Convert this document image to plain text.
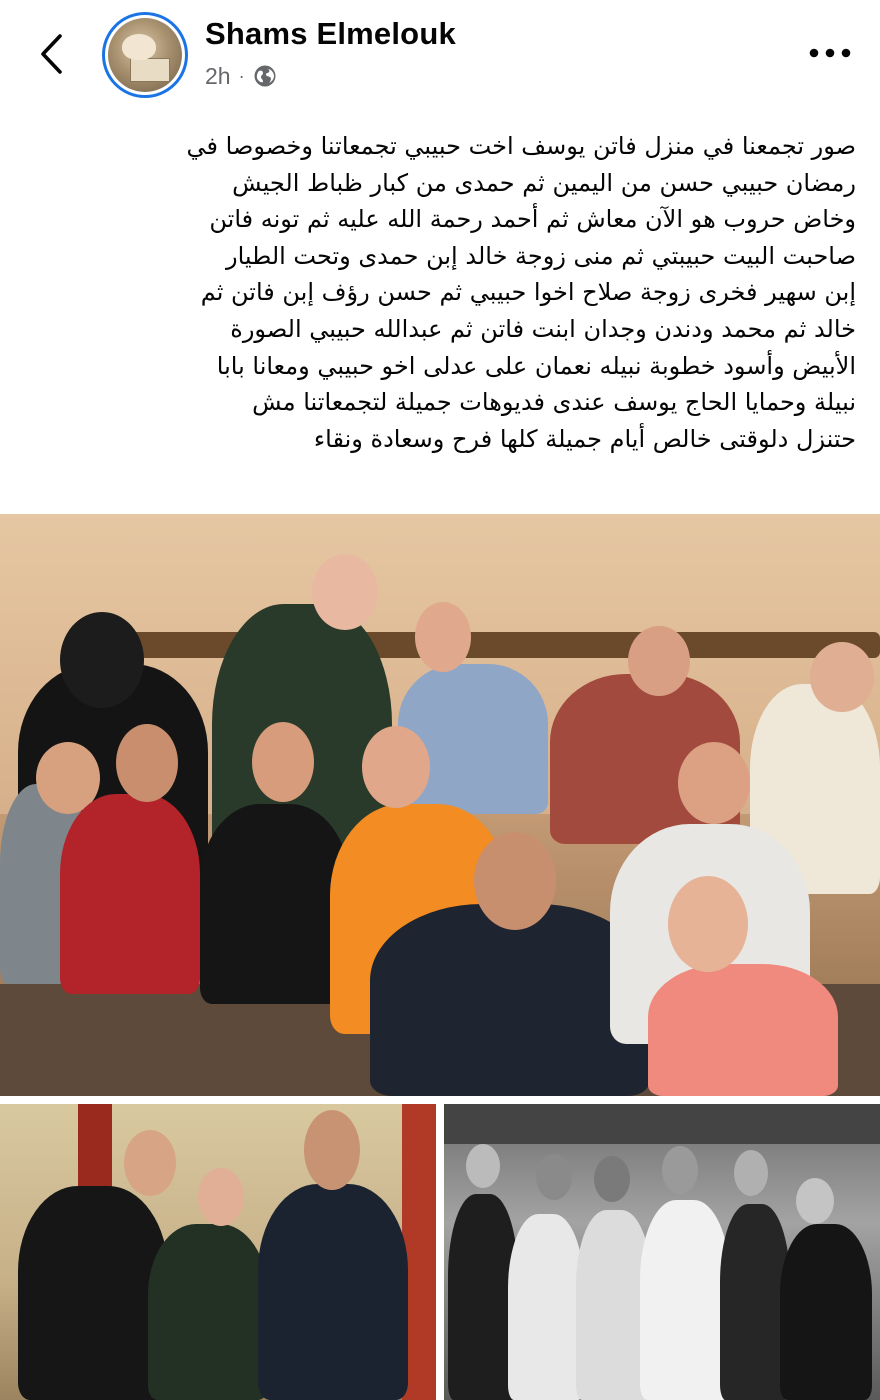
Shams Elmelouk
2h ·
صور تجمعنا في منزل فاتن يوسف اخت حبيبي تجمعاتنا وخصوصا في
رمضان حبيبي حسن من اليمين ثم حمدى من كبار ظباط الجيش
وخاض حروب هو الآن معاش ثم أحمد رحمة الله عليه ثم تونه فاتن
صاحبت البيت حبيبتي ثم منى زوجة خالد إبن حمدى وتحت الطيار
إبن سهير فخرى زوجة صلاح اخوا حبيبي ثم حسن رؤف إبن فاتن ثم
خالد ثم محمد ودندن وجدان ابنت فاتن ثم عبدالله حبيبي الصورة
الأبيض وأسود خطوبة نبيله نعمان على عدلى اخو حبيبي ومعانا بابا
نبيلة وحمايا الحاج يوسف عندى فديوهات جميلة لتجمعاتنا مش
حتنزل دلوقتى خالص أيام جميلة كلها فرح وسعادة ونقاء
